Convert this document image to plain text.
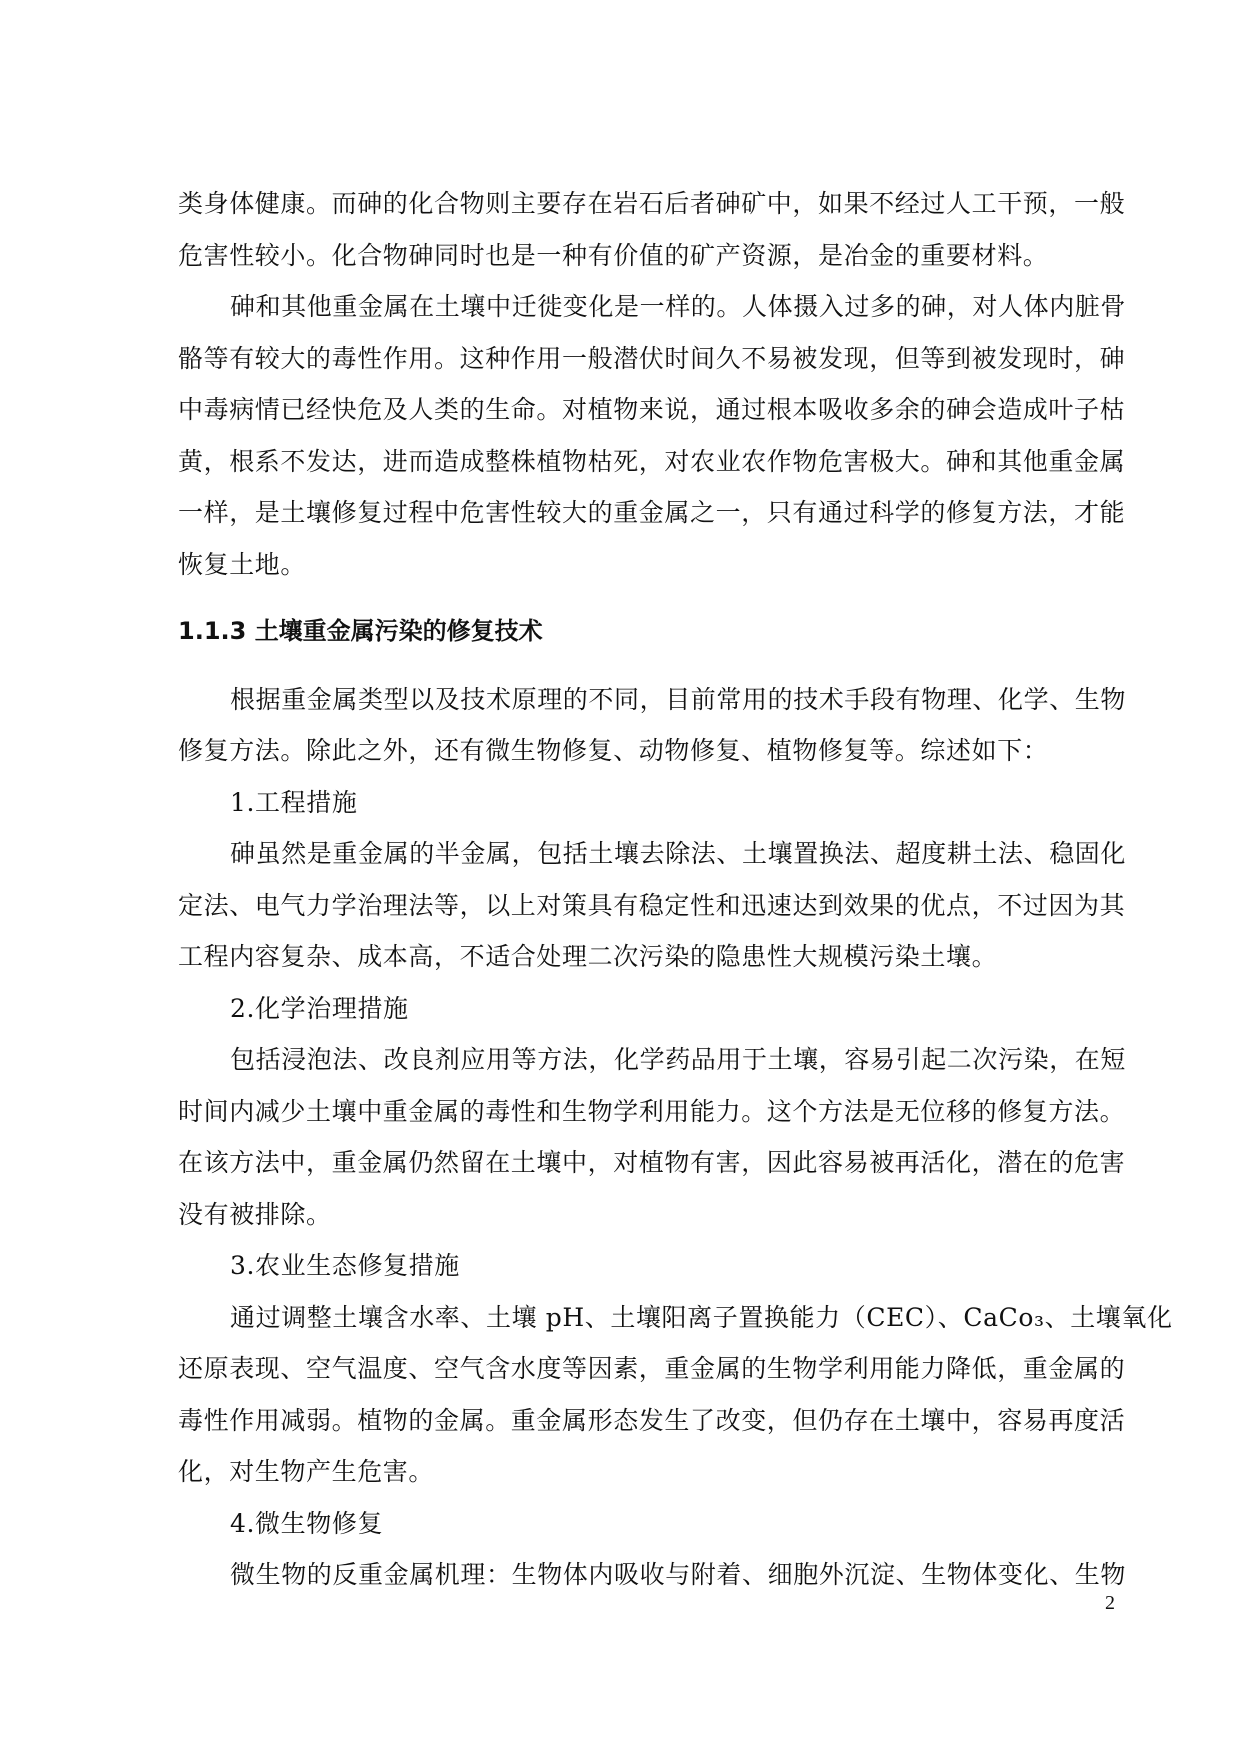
类身体健康。而砷的化合物则主要存在岩石后者砷矿中，如果不经过人工干预，一般
危害性较小。化合物砷同时也是一种有价值的矿产资源，是冶金的重要材料。
砷和其他重金属在土壤中迁徙变化是一样的。人体摄入过多的砷，对人体内脏骨
骼等有较大的毒性作用。这种作用一般潜伏时间久不易被发现，但等到被发现时，砷
中毒病情已经快危及人类的生命。对植物来说，通过根本吸收多余的砷会造成叶子枯
黄，根系不发达，进而造成整株植物枯死，对农业农作物危害极大。砷和其他重金属
一样，是土壤修复过程中危害性较大的重金属之一，只有通过科学的修复方法，才能
恢复土地。
1.1.3 土壤重金属污染的修复技术
根据重金属类型以及技术原理的不同，目前常用的技术手段有物理、化学、生物
修复方法。除此之外，还有微生物修复、动物修复、植物修复等。综述如下：
1.工程措施
砷虽然是重金属的半金属，包括土壤去除法、土壤置换法、超度耕土法、稳固化
定法、电气力学治理法等，以上对策具有稳定性和迅速达到效果的优点，不过因为其
工程内容复杂、成本高，不适合处理二次污染的隐患性大规模污染土壤。
2.化学治理措施
包括浸泡法、改良剂应用等方法，化学药品用于土壤，容易引起二次污染，在短
时间内减少土壤中重金属的毒性和生物学利用能力。这个方法是无位移的修复方法。
在该方法中，重金属仍然留在土壤中，对植物有害，因此容易被再活化，潜在的危害
没有被排除。
3.农业生态修复措施
通过调整土壤含水率、土壤 pH、土壤阳离子置换能力（CEC）、CaCo₃、土壤氧化
还原表现、空气温度、空气含水度等因素，重金属的生物学利用能力降低，重金属的
毒性作用减弱。植物的金属。重金属形态发生了改变，但仍存在土壤中，容易再度活
化，对生物产生危害。
4.微生物修复
微生物的反重金属机理：生物体内吸收与附着、细胞外沉淀、生物体变化、生物
2
